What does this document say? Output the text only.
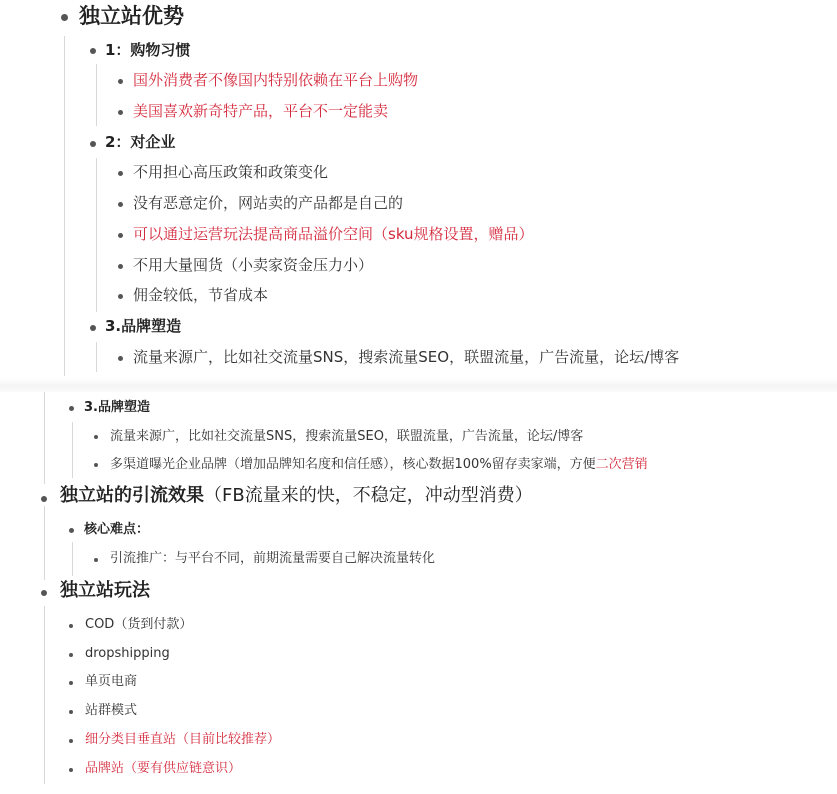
独立站优势
1：购物习惯
国外消费者不像国内特别依赖在平台上购物
美国喜欢新奇特产品，平台不一定能卖
2：对企业
不用担心高压政策和政策变化
没有恶意定价，网站卖的产品都是自己的
可以通过运营玩法提高商品溢价空间（sku规格设置，赠品）
不用大量囤货（小卖家资金压力小）
佣金较低，节省成本
3.品牌塑造
流量来源广，比如社交流量SNS，搜索流量SEO，联盟流量，广告流量，论坛/博客
3.品牌塑造
流量来源广，比如社交流量SNS，搜索流量SEO，联盟流量，广告流量，论坛/博客
多渠道曝光企业品牌（增加品牌知名度和信任感），核心数据100%留存卖家端，方便二次营销
独立站的引流效果（FB流量来的快，不稳定，冲动型消费）
核心难点：
引流推广：与平台不同，前期流量需要自己解决流量转化
独立站玩法
COD（货到付款）
dropshipping
单页电商
站群模式
细分类目垂直站（目前比较推荐）
品牌站（要有供应链意识）
